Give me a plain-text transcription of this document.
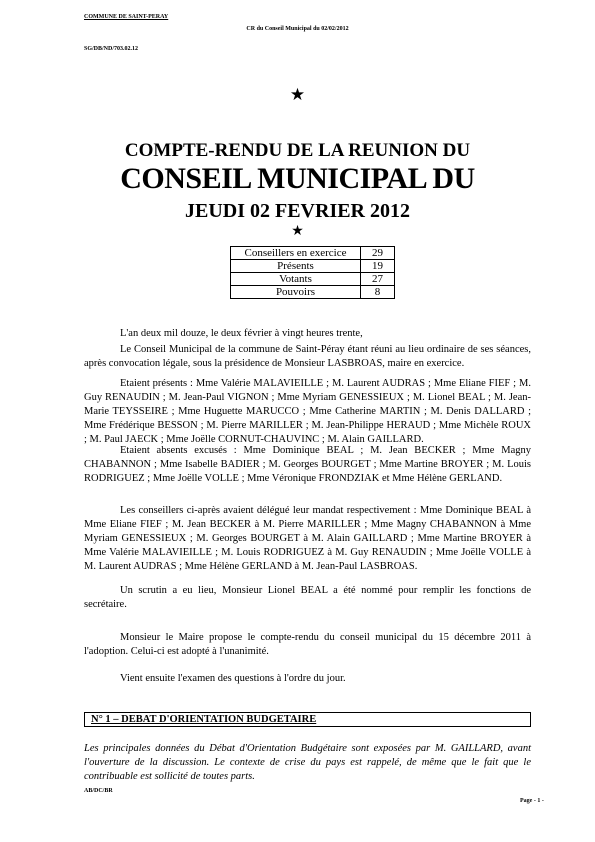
COMMUNE DE SAINT-PERAY
CR du Conseil Municipal du 02/02/2012
SG/DB/ND/703.02.12
★
COMPTE-RENDU DE LA REUNION DU
CONSEIL MUNICIPAL DU
JEUDI 02 FEVRIER 2012
★
Conseillers en exercice	29
Présents	19
Votants	27
Pouvoirs	8

L'an deux mil douze, le deux février à vingt heures trente,

Le Conseil Municipal de la commune de Saint-Péray étant réuni au lieu ordinaire de ses séances, après convocation légale, sous la présidence de Monsieur LASBROAS, maire en exercice.

Etaient présents : Mme Valérie MALAVIEILLE ; M. Laurent AUDRAS ; Mme Eliane FIEF ; M. Guy RENAUDIN ; M. Jean-Paul VIGNON ; Mme Myriam GENESSIEUX ; M. Lionel BEAL ; M. Jean-Marie TEYSSEIRE ; Mme Huguette MARUCCO ; Mme Catherine MARTIN ; M. Denis DALLARD ; Mme Frédérique BESSON ; M. Pierre MARILLER ; M. Jean-Philippe HERAUD ; Mme Michèle ROUX ; M. Paul JAECK ; Mme Joëlle CORNUT-CHAUVINC ; M. Alain GAILLARD.

Etaient absents excusés : Mme Dominique BEAL ; M. Jean BECKER ; Mme Magny CHABANNON ; Mme Isabelle BADIER ; M. Georges BOURGET ; Mme Martine BROYER ; M. Louis RODRIGUEZ ; Mme Joëlle VOLLE ; Mme Véronique FRONDZIAK et Mme Hélène GERLAND.

Les conseillers ci-après avaient délégué leur mandat respectivement : Mme Dominique BEAL à Mme Eliane FIEF ; M. Jean BECKER à M. Pierre MARILLER ; Mme Magny CHABANNON à Mme Myriam GENESSIEUX ; M. Georges BOURGET à M. Alain GAILLARD ; Mme Martine BROYER à Mme Valérie MALAVIEILLE ; M. Louis RODRIGUEZ à M. Guy RENAUDIN ; Mme Joëlle VOLLE à M. Laurent AUDRAS ; Mme Hélène GERLAND à M. Jean-Paul LASBROAS.

Un scrutin a eu lieu, Monsieur Lionel BEAL a été nommé pour remplir les fonctions de secrétaire.

Monsieur le Maire propose le compte-rendu du conseil municipal du 15 décembre 2011 à l'adoption. Celui-ci est adopté à l'unanimité.

Vient ensuite l'examen des questions à l'ordre du jour.

N° 1 – DEBAT D'ORIENTATION BUDGETAIRE

Les principales données du Débat d'Orientation Budgétaire sont exposées par M. GAILLARD, avant l'ouverture de la discussion. Le contexte de crise du pays est rappelé, de même que le fait que le contribuable est sollicité de toutes parts.

AB/DC/BR
Page - 1 -
